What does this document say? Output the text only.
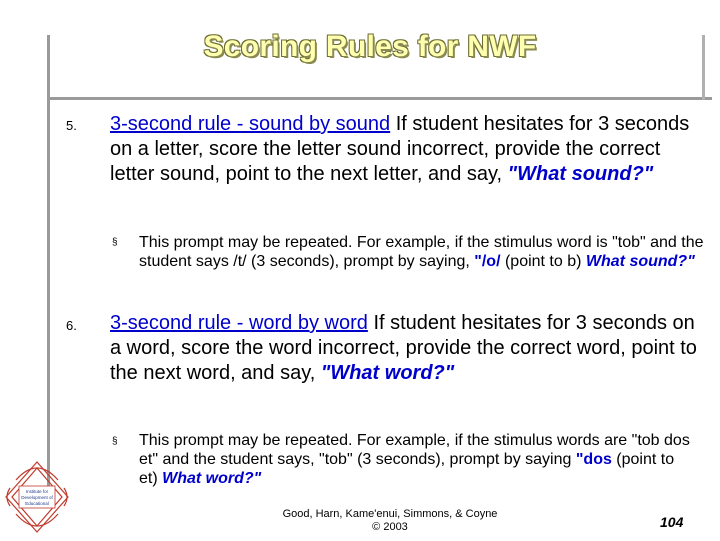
Scoring Rules for NWF
5. 3-second rule - sound by sound If student hesitates for 3 seconds on a letter, score the letter sound incorrect, provide the correct letter sound, point to the next letter, and say, "What sound?"
§ This prompt may be repeated. For example, if the stimulus word is "tob" and the student says /t/ (3 seconds), prompt by saying, "/o/ (point to b) What sound?"
6. 3-second rule - word by word If student hesitates for 3 seconds on a word, score the word incorrect, provide the correct word, point to the next word, and say, "What word?"
§ This prompt may be repeated. For example, if the stimulus words are "tob dos et" and the student says, "tob" (3 seconds), prompt by saying "dos (point to et) What word?"
Institute for
Development of
Educational
Good, Harn, Kame'enui, Simmons, & Coyne
© 2003	104
